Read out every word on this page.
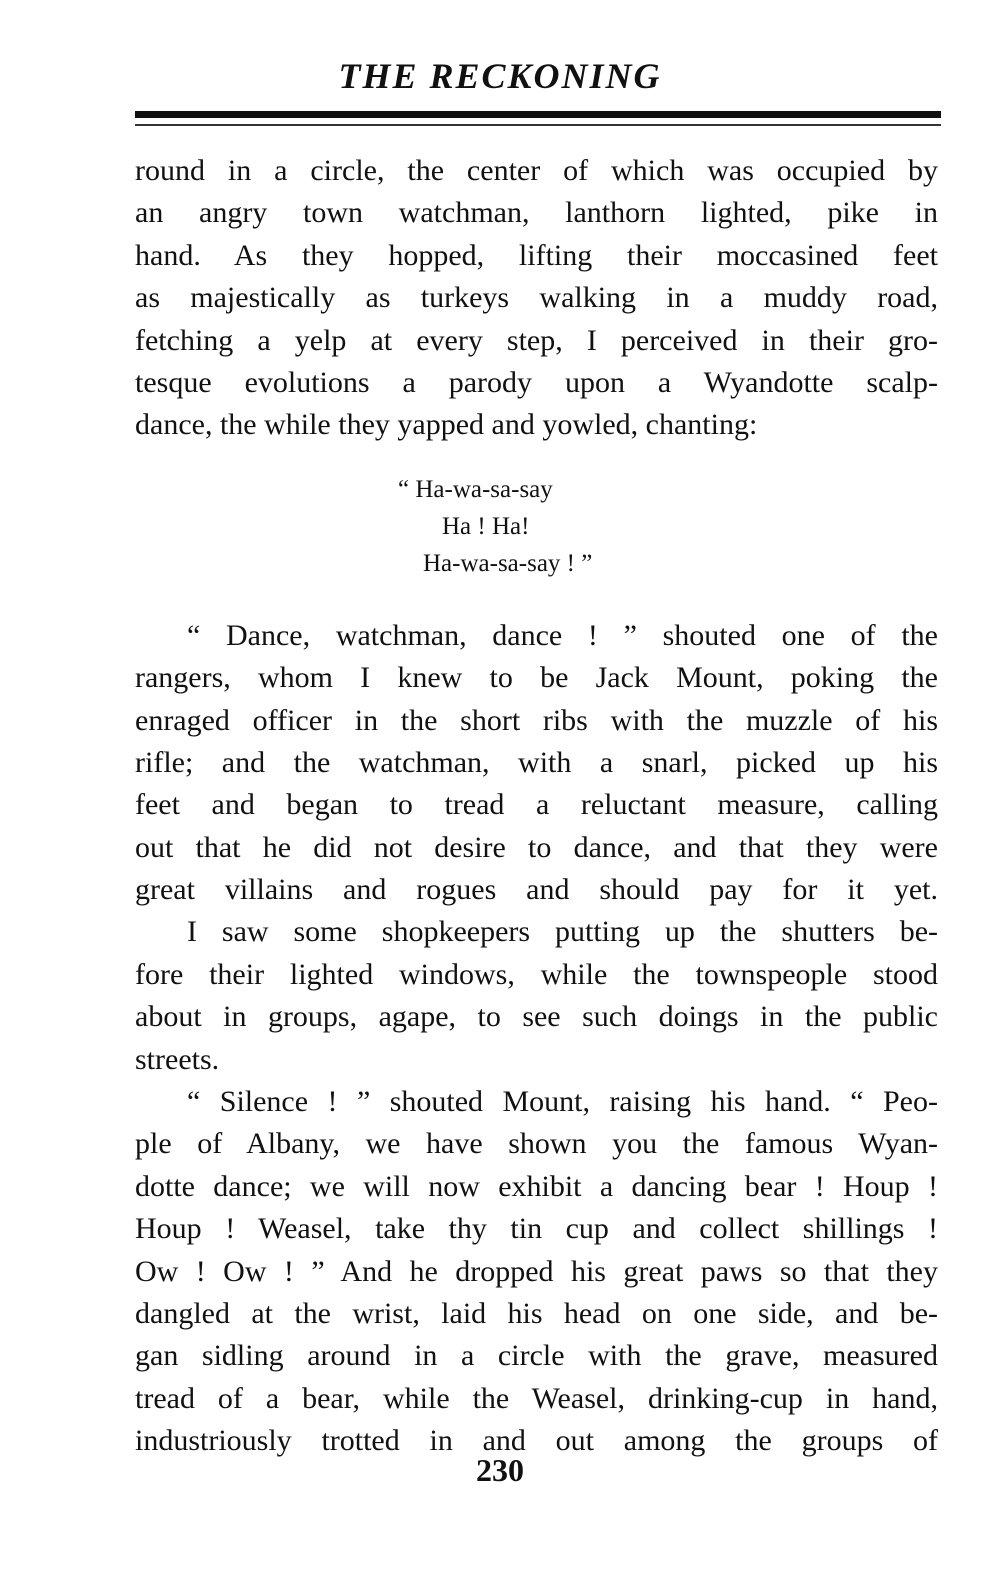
THE RECKONING
round in a circle, the center of which was occupied by
an angry town watchman, lanthorn lighted, pike in
hand. As they hopped, lifting their moccasined feet
as majestically as turkeys walking in a muddy road,
fetching a yelp at every step, I perceived in their gro-
tesque evolutions a parody upon a Wyandotte scalp-
dance, the while they yapped and yowled, chanting:
“ Ha-wa-sa-say
Ha ! Ha!
Ha-wa-sa-say ! ”
“ Dance, watchman, dance ! ” shouted one of the
rangers, whom I knew to be Jack Mount, poking the
enraged officer in the short ribs with the muzzle of his
rifle; and the watchman, with a snarl, picked up his
feet and began to tread a reluctant measure, calling
out that he did not desire to dance, and that they were
great villains and rogues and should pay for it yet.
I saw some shopkeepers putting up the shutters be-
fore their lighted windows, while the townspeople stood
about in groups, agape, to see such doings in the public
streets.
“ Silence ! ” shouted Mount, raising his hand. “ Peo-
ple of Albany, we have shown you the famous Wyan-
dotte dance; we will now exhibit a dancing bear ! Houp !
Houp ! Weasel, take thy tin cup and collect shillings !
Ow ! Ow ! ” And he dropped his great paws so that they
dangled at the wrist, laid his head on one side, and be-
gan sidling around in a circle with the grave, measured
tread of a bear, while the Weasel, drinking-cup in hand,
industriously trotted in and out among the groups of
230
